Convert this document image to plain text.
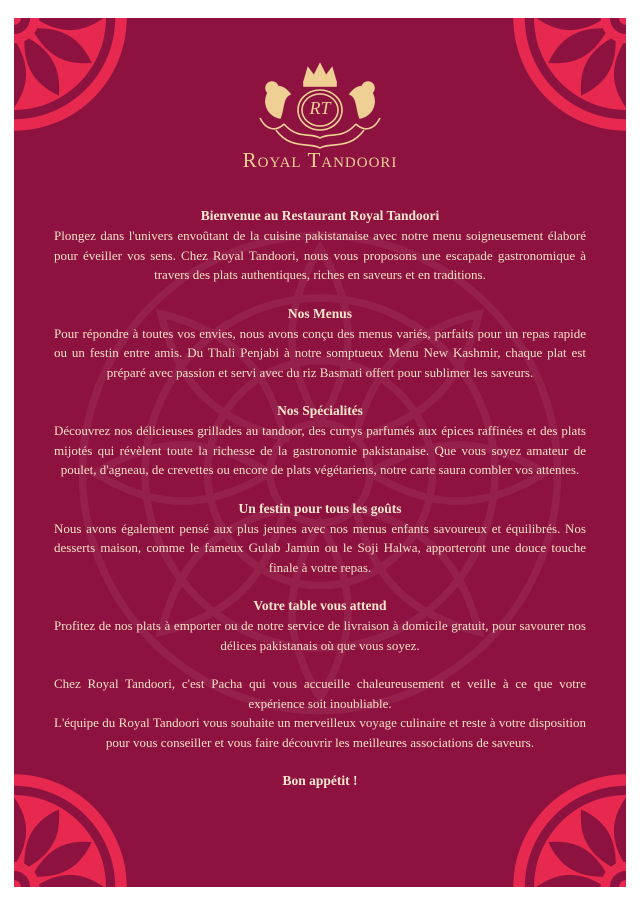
RT
Royal Tandoori
Bienvenue au Restaurant Royal Tandoori

Plongez dans l'univers envoûtant de la cuisine pakistanaise avec notre menu soigneusement élaboré pour éveiller vos sens. Chez Royal Tandoori, nous vous proposons une escapade gastronomique à travers des plats authentiques, riches en saveurs et en traditions.

Nos Menus

Pour répondre à toutes vos envies, nous avons conçu des menus variés, parfaits pour un repas rapide ou un festin entre amis. Du Thali Penjabi à notre somptueux Menu New Kashmir, chaque plat est préparé avec passion et servi avec du riz Basmati offert pour sublimer les saveurs.

Nos Spécialités

Découvrez nos délicieuses grillades au tandoor, des currys parfumés aux épices raffinées et des plats mijotés qui révèlent toute la richesse de la gastronomie pakistanaise. Que vous soyez amateur de poulet, d'agneau, de crevettes ou encore de plats végétariens, notre carte saura combler vos attentes.

Un festin pour tous les goûts

Nous avons également pensé aux plus jeunes avec nos menus enfants savoureux et équilibrés. Nos desserts maison, comme le fameux Gulab Jamun ou le Soji Halwa, apporteront une douce touche finale à votre repas.

Votre table vous attend

Profitez de nos plats à emporter ou de notre service de livraison à domicile gratuit, pour savourer nos délices pakistanais où que vous soyez.

Chez Royal Tandoori, c'est Pacha qui vous accueille chaleureusement et veille à ce que votre expérience soit inoubliable.

L'équipe du Royal Tandoori vous souhaite un merveilleux voyage culinaire et reste à votre disposition pour vous conseiller et vous faire découvrir les meilleures associations de saveurs.

Bon appétit !
